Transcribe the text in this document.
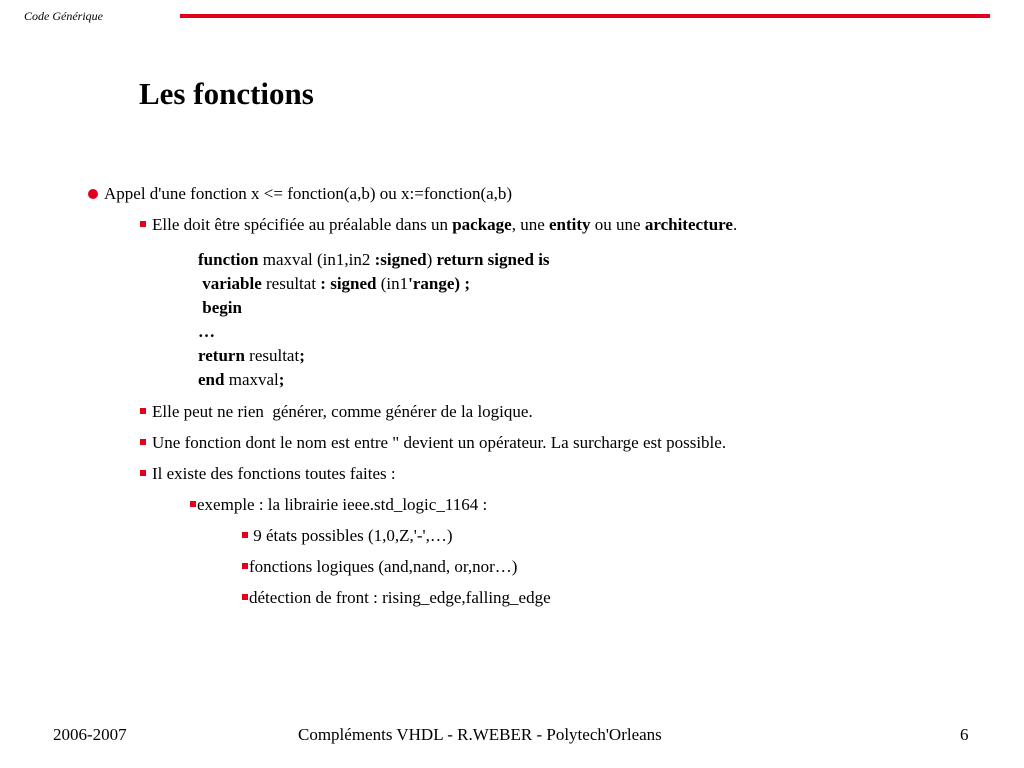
Code Générique
Les fonctions
Appel d'une fonction x <= fonction(a,b) ou x:=fonction(a,b)
Elle doit être spécifiée au préalable dans un package, une entity ou une architecture.
function maxval (in1,in2 :signed) return signed is
variable resultat : signed (in1'range) ;
begin
…
return resultat;
end maxval;
Elle peut ne rien  générer, comme générer de la logique.
Une fonction dont le nom est entre " devient un opérateur. La surcharge est possible.
Il existe des fonctions toutes faites :
exemple : la librairie ieee.std_logic_1164 :
9 états possibles (1,0,Z,'-',…)
fonctions logiques (and,nand, or,nor…)
détection de front : rising_edge,falling_edge
2006-2007	Compléments VHDL - R.WEBER - Polytech'Orleans	6
